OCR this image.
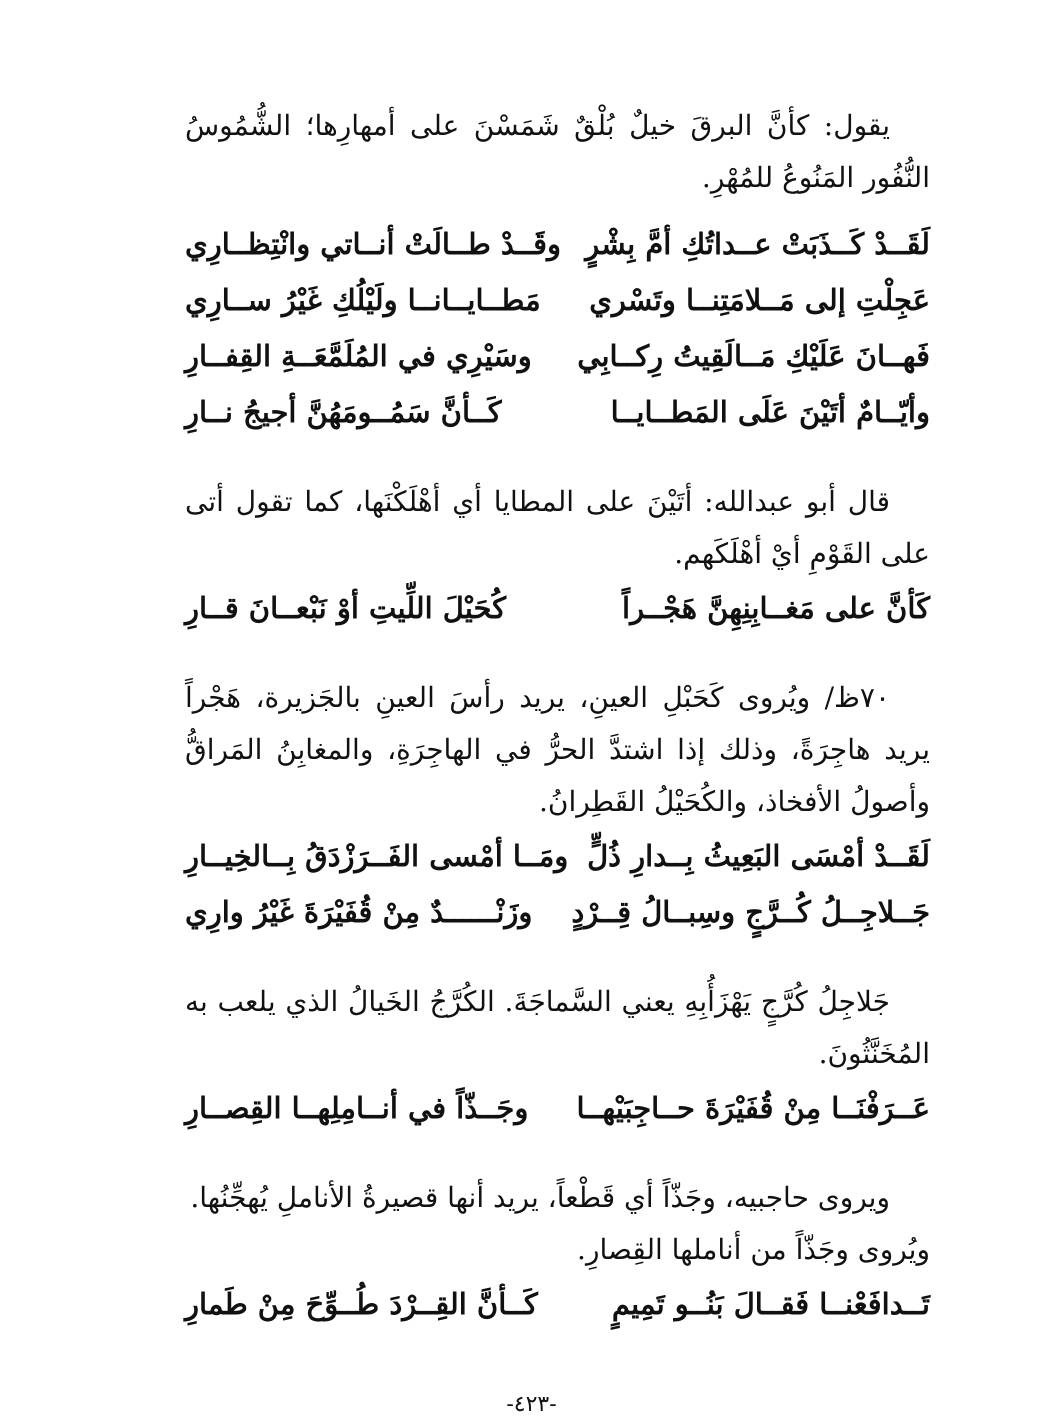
يقول: كأنَّ البرقَ خيلٌ بُلْقٌ شَمَسْنَ على أمهارِها؛ الشُّمُوسُ النُّفُور المَنُوعُ للمُهْرِ.

لَقَــدْ كَــذَبَتْ عــداتُكِ أمَّ بِشْرٍ
وقَــدْ طــالَتْ أنــاتي وانْتِظــارِي
عَجِلْتِ إلى مَــلامَتِنــا وتَسْري
مَطــايــانــا ولَيْلُكِ غَيْرُ ســارِي
فَهــانَ عَلَيْكِ مَــالَقِيتُ رِكــابِي
وسَيْرِي في المُلَمَّعَــةِ القِفــارِ
وأيّــامٌ أتَيْنَ عَلَى المَطــايــا
كَــأنَّ سَمُــومَهُنَّ أجيجُ نــارِ

قال أبو عبدالله: أتَيْنَ على المطايا أي أهْلَكْنَها، كما تقول أتى على القَوْمِ أيْ أهْلَكَهم.

كَأنَّ على مَغــابِنِهِنَّ هَجْــراً
كُحَيْلَ اللِّيتِ أوْ نَبْعــانَ قــارِ

٧٠ظ/ ويُروى كَحَبْلِ العينِ، يريد رأسَ العينِ بالجَزيرة، هَجْراً يريد هاجِرَةً، وذلك إذا اشتدَّ الحرُّ في الهاجِرَةِ، والمغابِنُ المَراقُّ وأصولُ الأفخاذ، والكُحَيْلُ القَطِرانُ.

لَقَــدْ أمْسَى البَعِيثُ بِــدارِ ذُلٍّ
ومَــا أمْسى الفَــرَزْدَقُ بِــالخِيــارِ
جَــلاجِــلُ كُــرَّجٍ وسِبــالُ قِــرْدٍ
وزَنْــــــدٌ مِنْ قُفَيْرَةَ غَيْرُ وارِي

جَلاجِلُ كُرَّجٍ يَهْزَأُبِهِ يعني السَّماجَةَ. الكُرَّجُ الخَيالُ الذي يلعب به المُخَنَّثُونَ.

عَــرَفْنَــا مِنْ قُفَيْرَةَ حــاجِبَيْهــا
وجَــذّاً في أنــامِلِهــا القِصــارِ

ويروى حاجبيه، وجَذّاً أي قَطْعاً، يريد أنها قصيرةُ الأناملِ يُهجِّنُها.

ويُروى وجَذّاً من أناملها القِصارِ.

تَــدافَعْنــا فَقــالَ بَنُــو تَمِيمٍ
كَــأنَّ القِــرْدَ طُــوِّحَ مِنْ طَمارِ
-٤٢٣-
